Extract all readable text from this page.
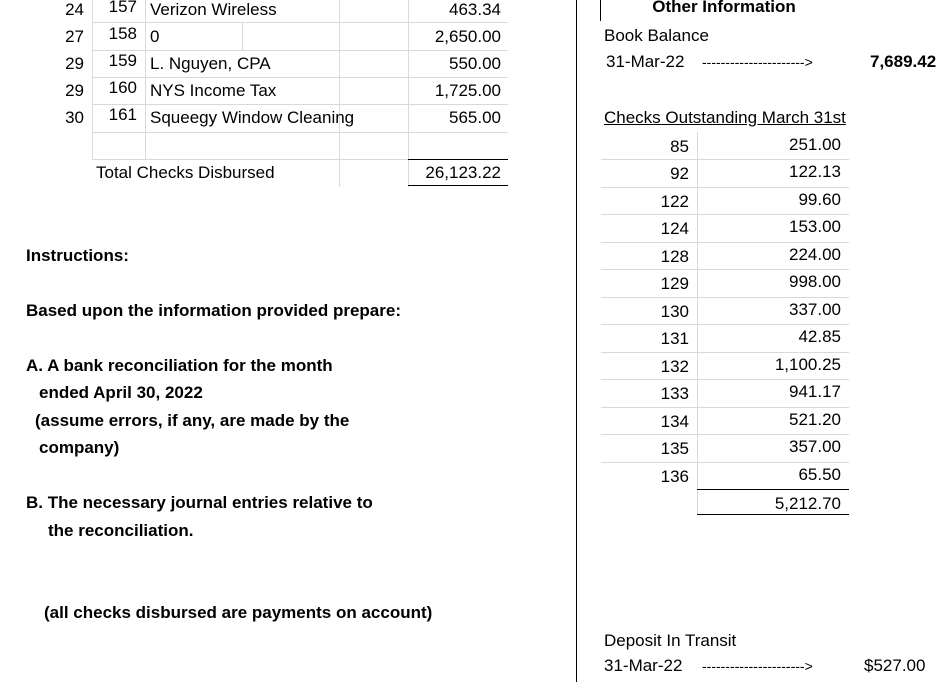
24	157 Verizon Wireless	463.34
27	158 0	2,650.00
29	159 L. Nguyen, CPA	550.00
29	160 NYS Income Tax	1,725.00
30	161 Squeegy Window Cleaning	565.00
Total Checks Disbursed	26,123.22
Instructions:
Based upon the information provided prepare:
A. A bank reconciliation for the month
ended April 30, 2022
(assume errors, if any, are made by the
company)
B. The necessary journal entries relative to
the reconciliation.
(all checks disbursed are payments on account)
Other Information
Book Balance
31-Mar-22 ---------------------->	7,689.42
Checks Outstanding March 31st
85	251.00
92	122.13
122	99.60
124	153.00
128	224.00
129	998.00
130	337.00
131	42.85
132	1,100.25
133	941.17
134	521.20
135	357.00
136	65.50
5,212.70
Deposit In Transit
31-Mar-22 ---------------------->	$527.00
